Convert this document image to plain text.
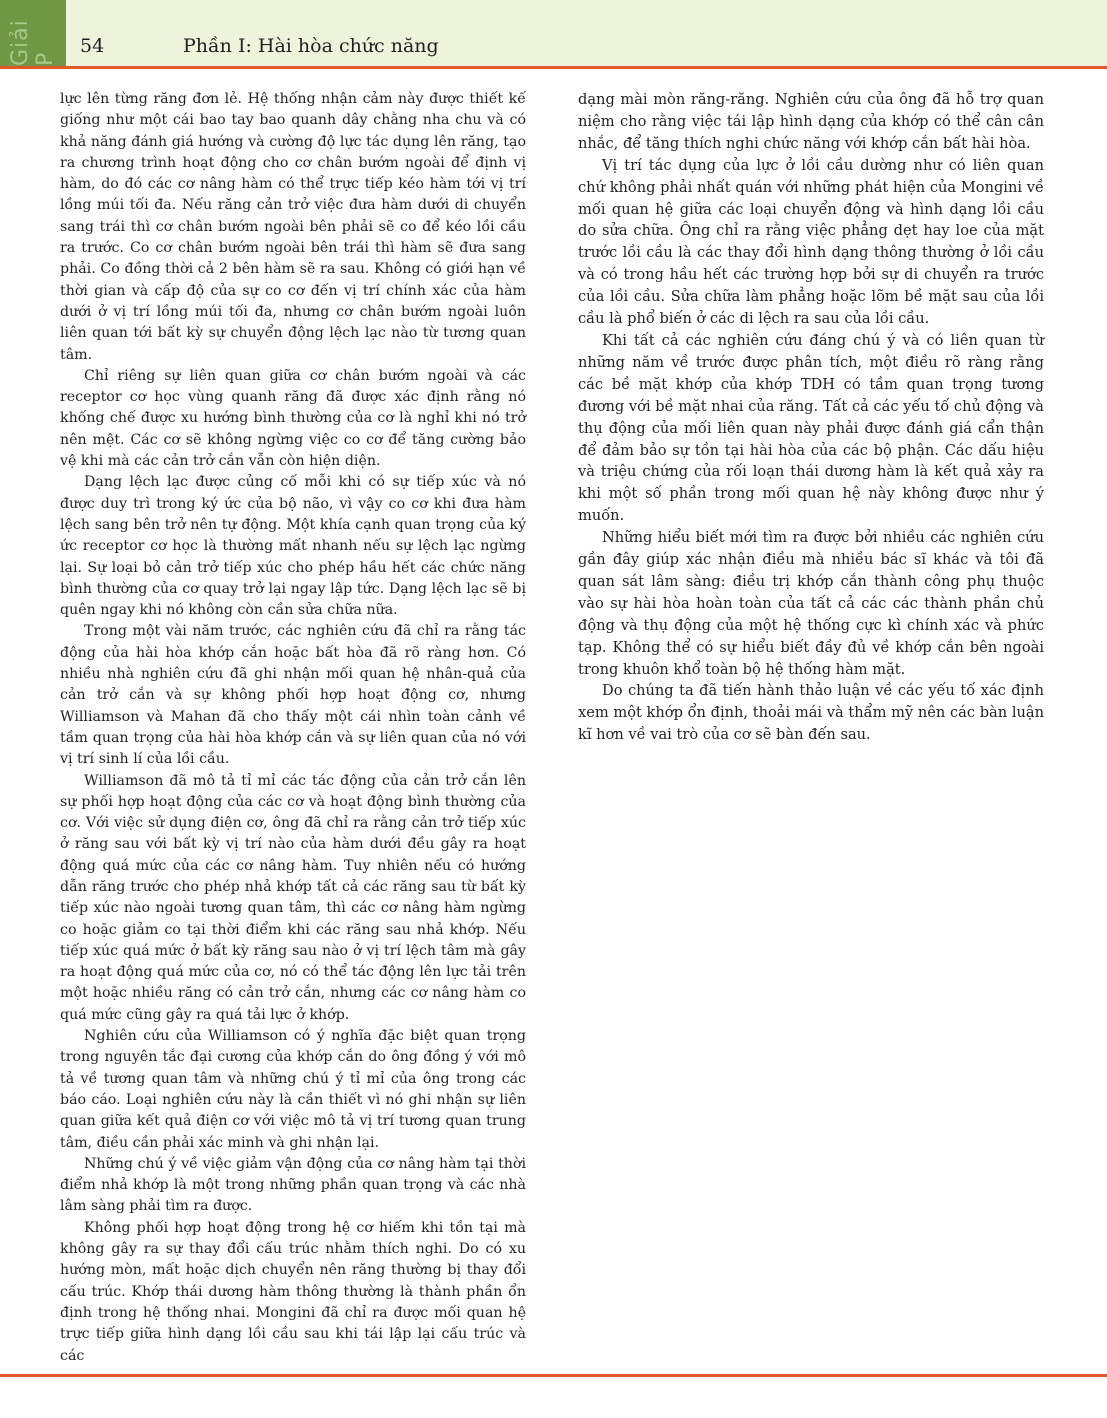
Giải P
54	Phần I: Hài hòa chức năng

lực lên từng răng đơn lẻ. Hệ thống nhận cảm này được thiết kế giống như một cái bao tay bao quanh dây chằng nha chu và có khả năng đánh giá hướng và cường độ lực tác dụng lên răng, tạo ra chương trình hoạt động cho cơ chân bướm ngoài để định vị hàm, do đó các cơ nâng hàm có thể trực tiếp kéo hàm tới vị trí lồng múi tối đa. Nếu răng cản trở việc đưa hàm dưới di chuyển sang trái thì cơ chân bướm ngoài bên phải sẽ co để kéo lồi cầu ra trước. Co cơ chân bướm ngoài bên trái thì hàm sẽ đưa sang phải. Co đồng thời cả 2 bên hàm sẽ ra sau. Không có giới hạn về thời gian và cấp độ của sự co cơ đến vị trí chính xác của hàm dưới ở vị trí lồng múi tối đa, nhưng cơ chân bướm ngoài luôn liên quan tới bất kỳ sự chuyển động lệch lạc nào từ tương quan tâm.

Chỉ riêng sự liên quan giữa cơ chân bướm ngoài và các receptor cơ học vùng quanh răng đã được xác định rằng nó khống chế được xu hướng bình thường của cơ là nghỉ khi nó trở nên mệt. Các cơ sẽ không ngừng việc co cơ để tăng cường bảo vệ khi mà các cản trở cắn vẫn còn hiện diện.

Dạng lệch lạc được củng cố mỗi khi có sự tiếp xúc và nó được duy trì trong ký ức của bộ não, vì vậy co cơ khi đưa hàm lệch sang bên trở nên tự động. Một khía cạnh quan trọng của ký ức receptor cơ học là thường mất nhanh nếu sự lệch lạc ngừng lại. Sự loại bỏ cản trở tiếp xúc cho phép hầu hết các chức năng bình thường của cơ quay trở lại ngay lập tức. Dạng lệch lạc sẽ bị quên ngay khi nó không còn cần sửa chữa nữa.

Trong một vài năm trước, các nghiên cứu đã chỉ ra rằng tác động của hài hòa khớp cắn hoặc bất hòa đã rõ ràng hơn. Có nhiều nhà nghiên cứu đã ghi nhận mối quan hệ nhân-quả của cản trở cắn và sự không phối hợp hoạt động cơ, nhưng Williamson và Mahan đã cho thấy một cái nhìn toàn cảnh về tầm quan trọng của hài hòa khớp cắn và sự liên quan của nó với vị trí sinh lí của lồi cầu.

Williamson đã mô tả tỉ mỉ các tác động của cản trở cắn lên sự phối hợp hoạt động của các cơ và hoạt động bình thường của cơ. Với việc sử dụng điện cơ, ông đã chỉ ra rằng cản trở tiếp xúc ở răng sau với bất kỳ vị trí nào của hàm dưới đều gây ra hoạt động quá mức của các cơ nâng hàm. Tuy nhiên nếu có hướng dẫn răng trước cho phép nhả khớp tất cả các răng sau từ bất kỳ tiếp xúc nào ngoài tương quan tâm, thì các cơ nâng hàm ngừng co hoặc giảm co tại thời điểm khi các răng sau nhả khớp. Nếu tiếp xúc quá mức ở bất kỳ răng sau nào ở vị trí lệch tâm mà gây ra hoạt động quá mức của cơ, nó có thể tác động lên lực tải trên một hoặc nhiều răng có cản trở cắn, nhưng các cơ nâng hàm co quá mức cũng gây ra quá tải lực ở khớp.

Nghiên cứu của Williamson có ý nghĩa đặc biệt quan trọng trong nguyên tắc đại cương của khớp cắn do ông đồng ý với mô tả về tương quan tâm và những chú ý tỉ mỉ của ông trong các báo cáo. Loại nghiên cứu này là cần thiết vì nó ghi nhận sự liên quan giữa kết quả điện cơ với việc mô tả vị trí tương quan trung tâm, điều cần phải xác minh và ghi nhận lại.

Những chú ý về việc giảm vận động của cơ nâng hàm tại thời điểm nhả khớp là một trong những phần quan trọng và các nhà lâm sàng phải tìm ra được.

Không phối hợp hoạt động trong hệ cơ hiếm khi tồn tại mà không gây ra sự thay đổi cấu trúc nhằm thích nghi. Do có xu hướng mòn, mất hoặc dịch chuyển nên răng thường bị thay đổi cấu trúc. Khớp thái dương hàm thông thường là thành phần ổn định trong hệ thống nhai. Mongini đã chỉ ra được mối quan hệ trực tiếp giữa hình dạng lồi cầu sau khi tái lập lại cấu trúc và các

dạng mài mòn răng-răng. Nghiên cứu của ông đã hỗ trợ quan niệm cho rằng việc tái lập hình dạng của khớp có thể cân cân nhắc, để tăng thích nghi chức năng với khớp cắn bất hài hòa.

Vị trí tác dụng của lực ở lồi cầu dường như có liên quan chứ không phải nhất quán với những phát hiện của Mongini về mối quan hệ giữa các loại chuyển động và hình dạng lồi cầu do sửa chữa. Ông chỉ ra rằng việc phẳng dẹt hay loe của mặt trước lồi cầu là các thay đổi hình dạng thông thường ở lồi cầu và có trong hầu hết các trường hợp bởi sự di chuyển ra trước của lồi cầu. Sửa chữa làm phẳng hoặc lõm bề mặt sau của lồi cầu là phổ biến ở các di lệch ra sau của lồi cầu.

Khi tất cả các nghiên cứu đáng chú ý và có liên quan từ những năm về trước được phân tích, một điều rõ ràng rằng các bề mặt khớp của khớp TDH có tầm quan trọng tương đương với bề mặt nhai của răng. Tất cả các yếu tố chủ động và thụ động của mối liên quan này phải được đánh giá cẩn thận để đảm bảo sự tồn tại hài hòa của các bộ phận. Các dấu hiệu và triệu chứng của rối loạn thái dương hàm là kết quả xảy ra khi một số phần trong mối quan hệ này không được như ý muốn.

Những hiểu biết mới tìm ra được bởi nhiều các nghiên cứu gần đây giúp xác nhận điều mà nhiều bác sĩ khác và tôi đã quan sát lâm sàng: điều trị khớp cắn thành công phụ thuộc vào sự hài hòa hoàn toàn của tất cả các các thành phần chủ động và thụ động của một hệ thống cực kì chính xác và phức tạp. Không thể có sự hiểu biết đầy đủ về khớp cắn bên ngoài trong khuôn khổ toàn bộ hệ thống hàm mặt.

Do chúng ta đã tiến hành thảo luận về các yếu tố xác định xem một khớp ổn định, thoải mái và thẩm mỹ nên các bàn luận kĩ hơn về vai trò của cơ sẽ bàn đến sau.
